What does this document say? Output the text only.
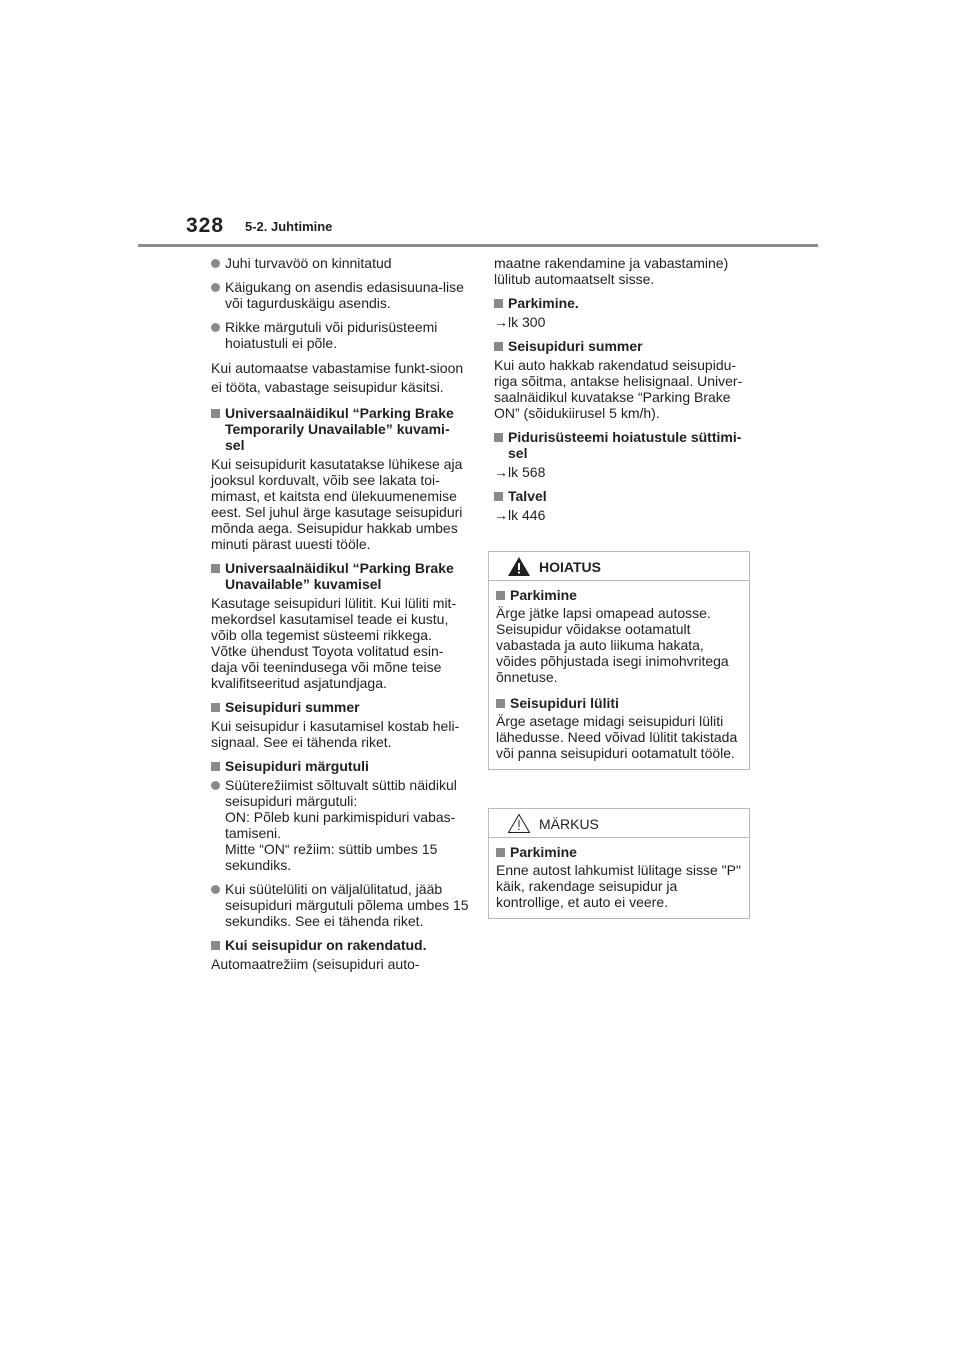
328 5-2. Juhtimine
Juhi turvavöö on kinnitatud
Käigukang on asendis edasisuuna-lise või tagurduskäigu asendis.
Rikke märgutuli või pidurisüsteemi hoiatustuli ei põle.
Kui automaatse vabastamise funkt-sioon ei tööta, vabastage seisupidur käsitsi.
Universaalnäidikul “Parking Brake Temporarily Unavailable” kuvami-sel
Kui seisupidurit kasutatakse lühikese aja jooksul korduvalt, võib see lakata toi-mimast, et kaitsta end ülekuumenemise eest. Sel juhul ärge kasutage seisupiduri mõnda aega. Seisupidur hakkab umbes minuti pärast uuesti tööle.
Universaalnäidikul “Parking Brake Unavailable” kuvamisel
Kasutage seisupiduri lülitit. Kui lüliti mit-mekordsel kasutamisel teade ei kustu, võib olla tegemist süsteemi rikkega. Võtke ühendust Toyota volitatud esin-daja või teenindusega või mõne teise kvalifitseeritud asjatundjaga.
Seisupiduri summer
Kui seisupidur i kasutamisel kostab heli-signaal. See ei tähenda riket.
Seisupiduri märgutuli
Süüterežiimist sõltuvalt süttib näidikul seisupiduri märgutuli:
ON: Põleb kuni parkimispiduri vabas-tamiseni.
Mitte “ON“ režiim: süttib umbes 15 sekundiks.
Kui süütelüliti on väljalülitatud, jääb seisupiduri märgutuli põlema umbes 15 sekundiks. See ei tähenda riket.
Kui seisupidur on rakendatud.
Automaatrežiim (seisupiduri auto-
maatne rakendamine ja vabastamine) lülitub automaatselt sisse.
Parkimine.
→lk 300
Seisupiduri summer
Kui auto hakkab rakendatud seisupidu-riga sõitma, antakse helisignaal. Univer-saalnäidikul kuvatakse “Parking Brake ON” (sõidukiirusel 5 km/h).
Pidurisüsteemi hoiatustule süttimi-sel
→lk 568
Talvel
→lk 446
HOIATUS
Parkimine
Ärge jätke lapsi omapead autosse. Seisupidur võidakse ootamatult vabastada ja auto liikuma hakata, võides põhjustada isegi inimohvritega õnnetuse.
Seisupiduri lüliti
Ärge asetage midagi seisupiduri lüliti lähedusse. Need võivad lülitit takistada või panna seisupiduri ootamatult tööle.
MÄRKUS
Parkimine
Enne autost lahkumist lülitage sisse "P" käik, rakendage seisupidur ja kontrollige, et auto ei veere.
